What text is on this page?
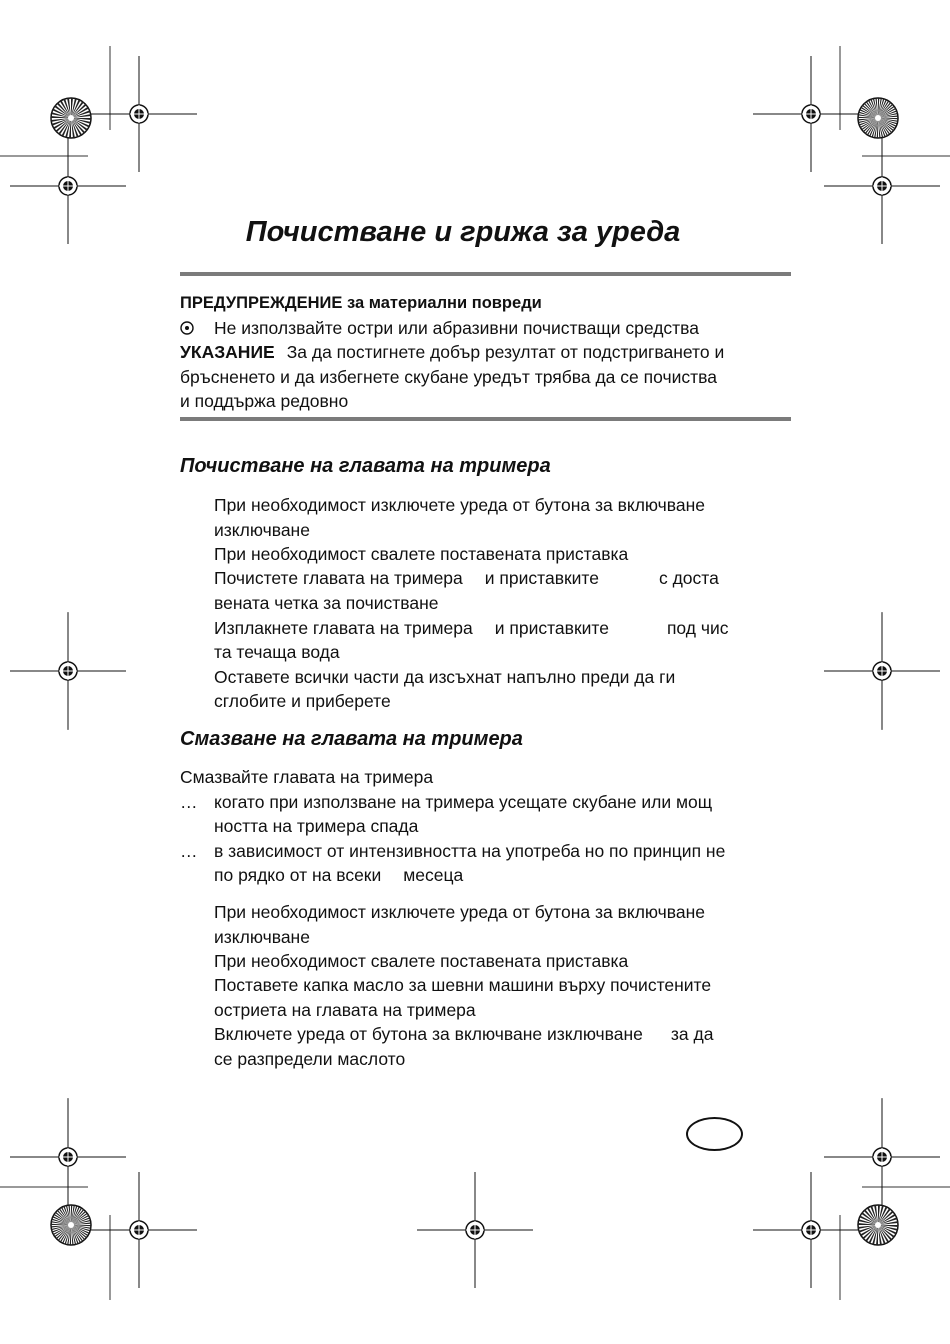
Почистване и грижа за уреда
ПРЕДУПРЕЖДЕНИЕ за материални повреди
Не използвайте остри или абразивни почистващи средства
УКАЗАНИЕ За да постигнете добър резултат от подстригването и
бръсненето и да избегнете скубане уредът трябва да се почиства
и поддържа редовно
Почистване на главата на тримера
При необходимост изключете уреда от бутона за включване
изключване
При необходимост свалете поставената приставка
Почистете главата на тримера и приставките	с доста
вената четка за почистване
Изплакнете главата на тримера и приставките	под чис
та течаща вода
Оставете всички части да изсъхнат напълно преди да ги
сглобите и приберете
Смазване на главата на тримера
Смазвайте главата на тримера
… когато при използване на тримера усещате скубане или мощ
ността на тримера спада
… в зависимост от интензивността на употреба но по принцип не
по рядко от на всеки месеца
При необходимост изключете уреда от бутона за включване
изключване
При необходимост свалете поставената приставка
Поставете капка масло за шевни машини върху почистените
остриета на главата на тримера
Включете уреда от бутона за включване изключване за да
се разпредели маслото
